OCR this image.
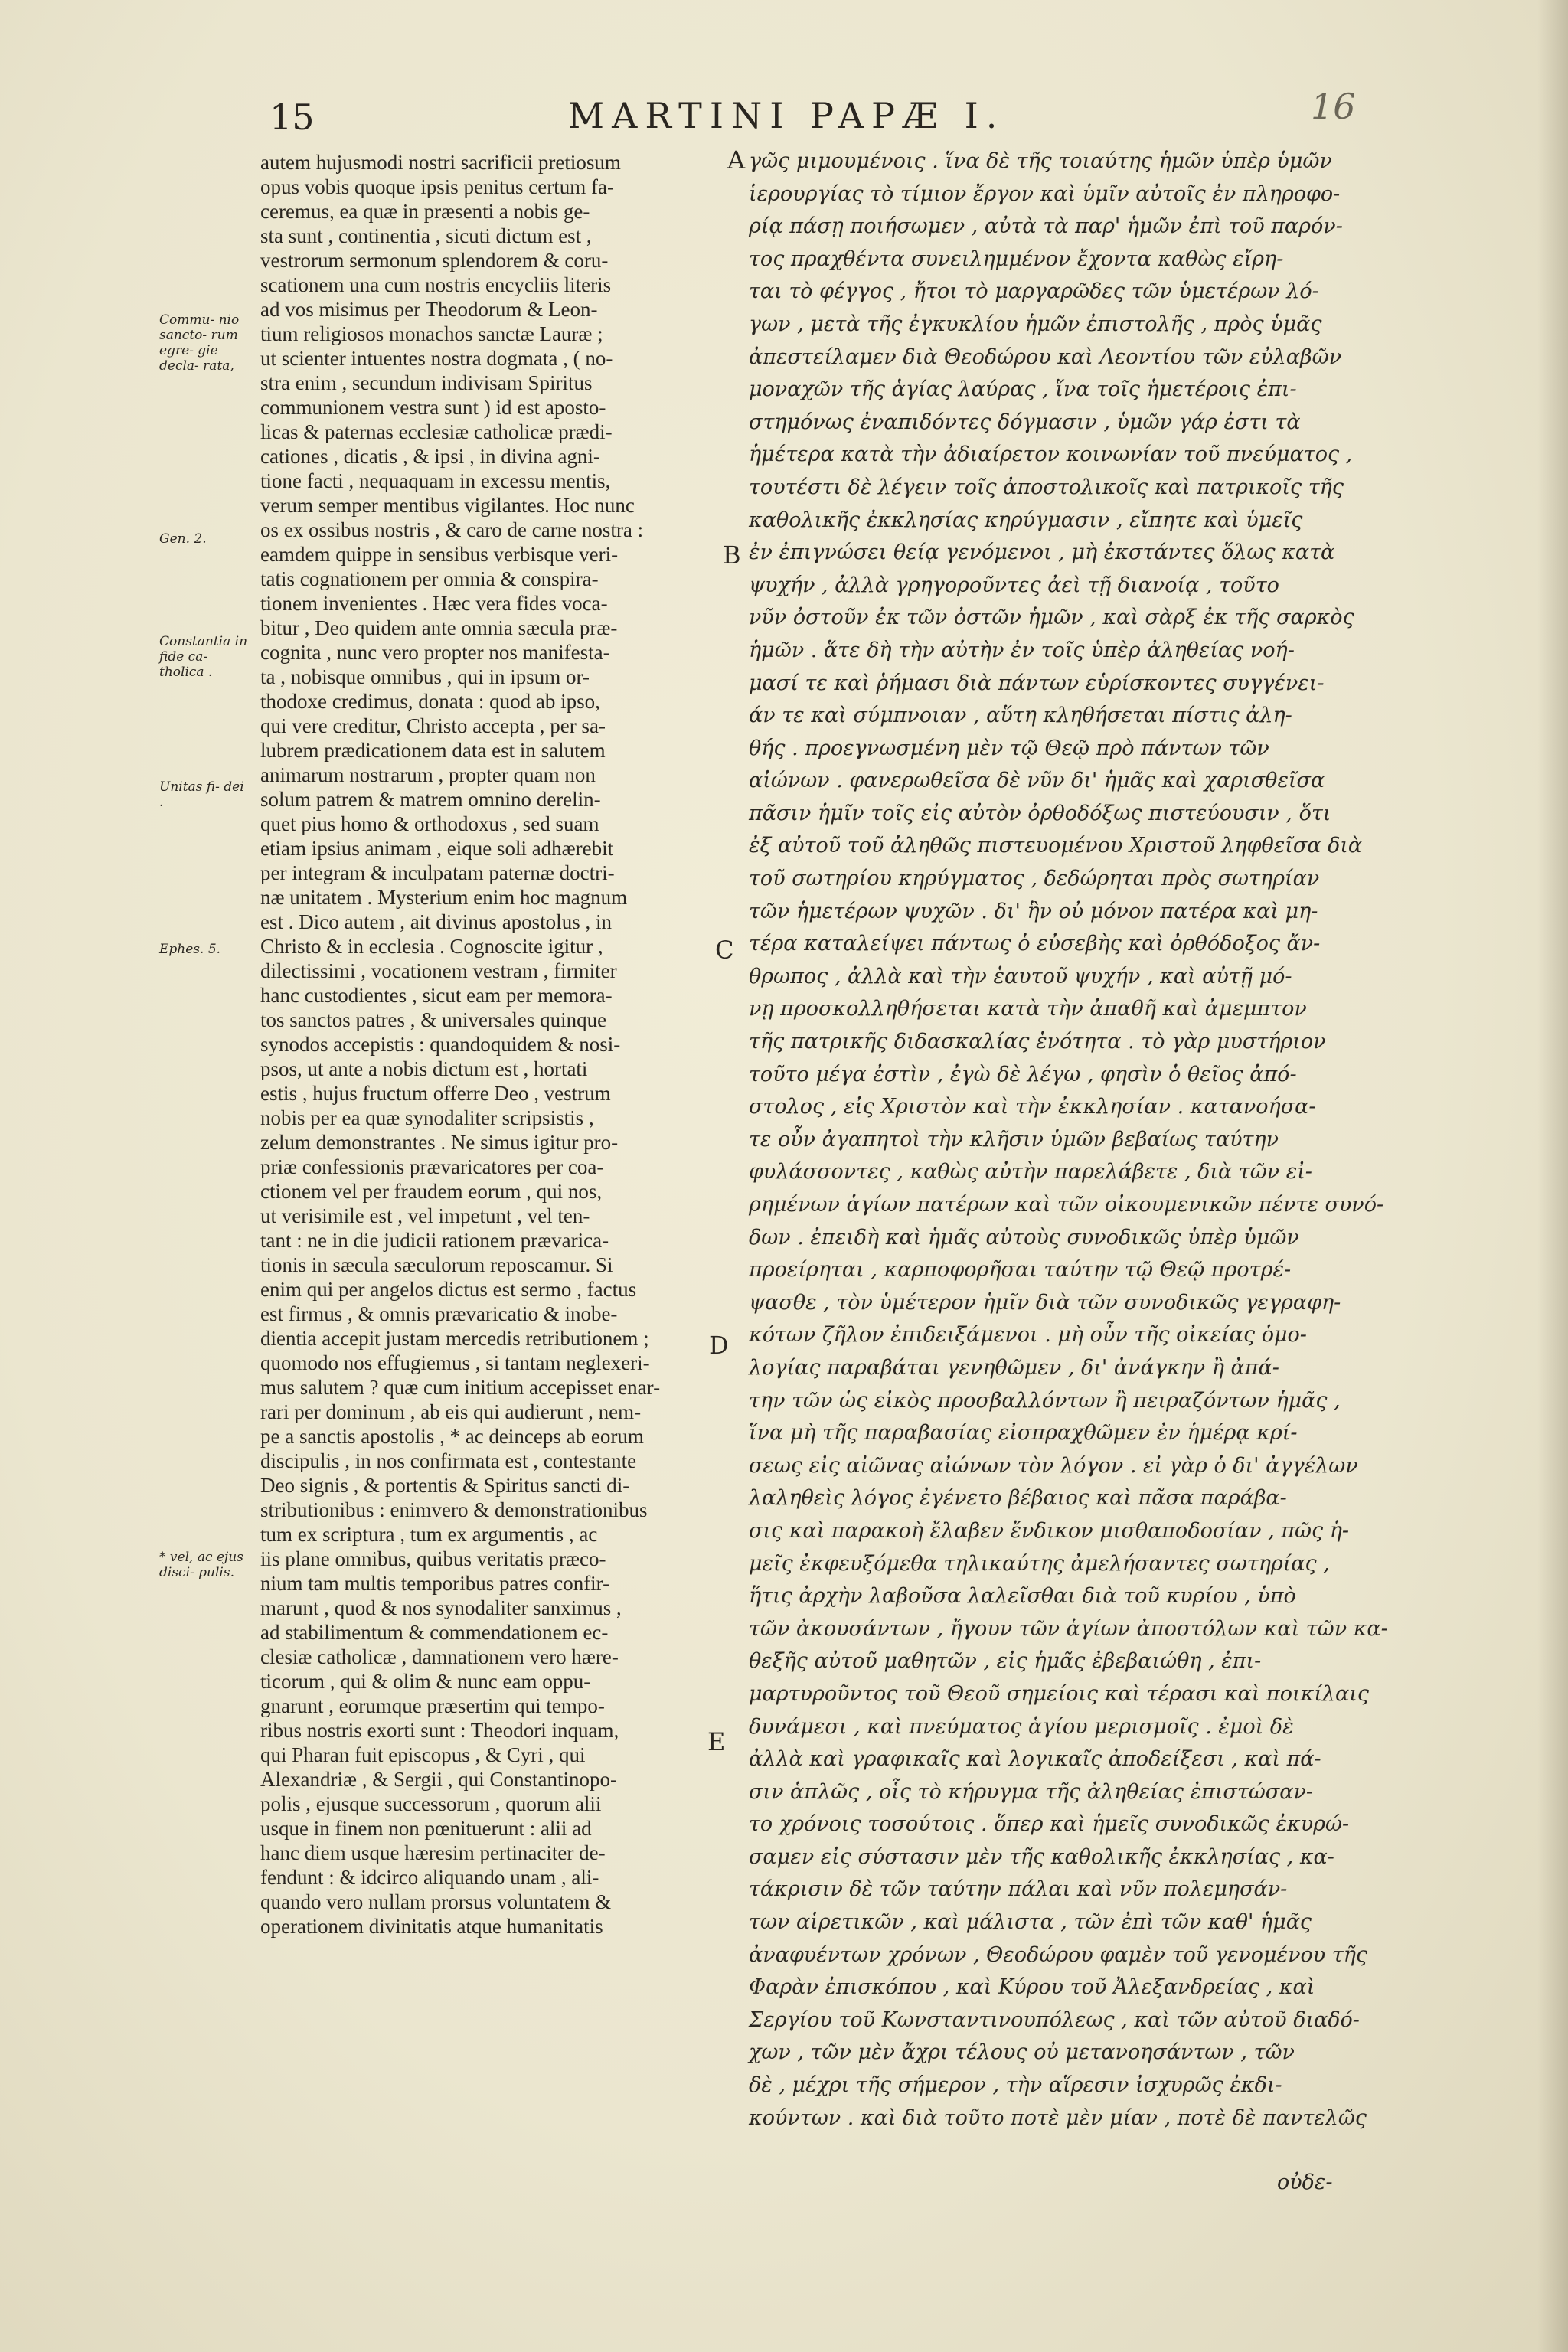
15	MARTINI PAPÆ I.	16
A
B
C
D
E
Commu- nio sancto- rum egre- gie decla- rata,
Gen. 2.
Constantia in fide ca- tholica .
Unitas fi- dei .
Ephes. 5.
* vel, ac ejus disci- pulis.
autem hujusmodi nostri sacrificii pretiosum
opus vobis quoque ipsis penitus certum fa-
ceremus, ea quæ in præsenti a nobis ge-
sta sunt , continentia , sicuti dictum est ,
vestrorum sermonum splendorem & coru-
scationem una cum nostris encycliis literis
ad vos misimus per Theodorum & Leon-
tium religiosos monachos sanctæ Lauræ ;
ut scienter intuentes nostra dogmata , ( no-
stra enim , secundum indivisam Spiritus
communionem vestra sunt ) id est aposto-
licas & paternas ecclesiæ catholicæ prædi-
cationes , dicatis , & ipsi , in divina agni-
tione facti , nequaquam in excessu mentis,
verum semper mentibus vigilantes. Hoc nunc
os ex ossibus nostris , & caro de carne nostra :
eamdem quippe in sensibus verbisque veri-
tatis cognationem per omnia & conspira-
tionem invenientes . Hæc vera fides voca-
bitur , Deo quidem ante omnia sæcula præ-
cognita , nunc vero propter nos manifesta-
ta , nobisque omnibus , qui in ipsum or-
thodoxe credimus, donata : quod ab ipso,
qui vere creditur, Christo accepta , per sa-
lubrem prædicationem data est in salutem
animarum nostrarum , propter quam non
solum patrem & matrem omnino derelin-
quet pius homo & orthodoxus , sed suam
etiam ipsius animam , eique soli adhærebit
per integram & inculpatam paternæ doctri-
næ unitatem . Mysterium enim hoc magnum
est . Dico autem , ait divinus apostolus , in
Christo & in ecclesia . Cognoscite igitur ,
dilectissimi , vocationem vestram , firmiter
hanc custodientes , sicut eam per memora-
tos sanctos patres , & universales quinque
synodos accepistis : quandoquidem & nosi-
psos, ut ante a nobis dictum est , hortati
estis , hujus fructum offerre Deo , vestrum
nobis per ea quæ synodaliter scripsistis ,
zelum demonstrantes . Ne simus igitur pro-
priæ confessionis prævaricatores per coa-
ctionem vel per fraudem eorum , qui nos,
ut verisimile est , vel impetunt , vel ten-
tant : ne in die judicii rationem prævarica-
tionis in sæcula sæculorum reposcamur. Si
enim qui per angelos dictus est sermo , factus
est firmus , & omnis prævaricatio & inobe-
dientia accepit justam mercedis retributionem ;
quomodo nos effugiemus , si tantam neglexeri-
mus salutem ? quæ cum initium accepisset enar-
rari per dominum , ab eis qui audierunt , nem-
pe a sanctis apostolis , * ac deinceps ab eorum
discipulis , in nos confirmata est , contestante
Deo signis , & portentis & Spiritus sancti di-
stributionibus : enimvero & demonstrationibus
tum ex scriptura , tum ex argumentis , ac
iis plane omnibus, quibus veritatis præco-
nium tam multis temporibus patres confir-
marunt , quod & nos synodaliter sanximus ,
ad stabilimentum & commendationem ec-
clesiæ catholicæ , damnationem vero hære-
ticorum , qui & olim & nunc eam oppu-
gnarunt , eorumque præsertim qui tempo-
ribus nostris exorti sunt : Theodori inquam,
qui Pharan fuit episcopus , & Cyri , qui
Alexandriæ , & Sergii , qui Constantinopo-
polis , ejusque successorum , quorum alii
usque in finem non pœnituerunt : alii ad
hanc diem usque hæresim pertinaciter de-
fendunt : & idcirco aliquando unam , ali-
quando vero nullam prorsus voluntatem &
operationem divinitatis atque humanitatis
γῶς μιμουμένοις . ἵνα δὲ τῆς τοιαύτης ἡμῶν ὑπὲρ ὑμῶν
ἱερουργίας τὸ τίμιον ἔργον καὶ ὑμῖν αὐτοῖς ἐν πληροφο-
ρίᾳ πάσῃ ποιήσωμεν , αὐτὰ τὰ παρ' ἡμῶν ἐπὶ τοῦ παρόν-
τος πραχθέντα συνειλημμένον ἔχοντα καθὼς εἴρη-
ται τὸ φέγγος , ἤτοι τὸ μαργαρῶδες τῶν ὑμετέρων λό-
γων , μετὰ τῆς ἐγκυκλίου ἡμῶν ἐπιστολῆς , πρὸς ὑμᾶς
ἀπεστείλαμεν διὰ Θεοδώρου καὶ Λεοντίου τῶν εὐλαβῶν
μοναχῶν τῆς ἁγίας λαύρας , ἵνα τοῖς ἡμετέροις ἐπι-
στημόνως ἐναπιδόντες δόγμασιν , ὑμῶν γάρ ἐστι τὰ
ἡμέτερα κατὰ τὴν ἀδιαίρετον κοινωνίαν τοῦ πνεύματος ,
τουτέστι δὲ λέγειν τοῖς ἀποστολικοῖς καὶ πατρικοῖς τῆς
καθολικῆς ἐκκλησίας κηρύγμασιν , εἴπητε καὶ ὑμεῖς
ἐν ἐπιγνώσει θείᾳ γενόμενοι , μὴ ἐκστάντες ὅλως κατὰ
ψυχήν , ἀλλὰ γρηγοροῦντες ἀεὶ τῇ διανοίᾳ , τοῦτο
νῦν ὀστοῦν ἐκ τῶν ὀστῶν ἡμῶν , καὶ σὰρξ ἐκ τῆς σαρκὸς
ἡμῶν . ἅτε δὴ τὴν αὐτὴν ἐν τοῖς ὑπὲρ ἀληθείας νοή-
μασί τε καὶ ῥήμασι διὰ πάντων εὑρίσκοντες συγγένει-
άν τε καὶ σύμπνοιαν , αὕτη κληθήσεται πίστις ἀλη-
θής . προεγνωσμένη μὲν τῷ Θεῷ πρὸ πάντων τῶν
αἰώνων . φανερωθεῖσα δὲ νῦν δι' ἡμᾶς καὶ χαρισθεῖσα
πᾶσιν ἡμῖν τοῖς εἰς αὐτὸν ὀρθοδόξως πιστεύουσιν , ὅτι
ἐξ αὐτοῦ τοῦ ἀληθῶς πιστευομένου Χριστοῦ ληφθεῖσα διὰ
τοῦ σωτηρίου κηρύγματος , δεδώρηται πρὸς σωτηρίαν
τῶν ἡμετέρων ψυχῶν . δι' ἣν οὐ μόνον πατέρα καὶ μη-
τέρα καταλείψει πάντως ὁ εὐσεβὴς καὶ ὀρθόδοξος ἄν-
θρωπος , ἀλλὰ καὶ τὴν ἑαυτοῦ ψυχήν , καὶ αὐτῇ μό-
νῃ προσκολληθήσεται κατὰ τὴν ἀπαθῆ καὶ ἀμεμπτον
τῆς πατρικῆς διδασκαλίας ἑνότητα . τὸ γὰρ μυστήριον
τοῦτο μέγα ἐστὶν , ἐγὼ δὲ λέγω , φησὶν ὁ θεῖος ἀπό-
στολος , εἰς Χριστὸν καὶ τὴν ἐκκλησίαν . κατανοήσα-
τε οὖν ἀγαπητοὶ τὴν κλῆσιν ὑμῶν βεβαίως ταύτην
φυλάσσοντες , καθὼς αὐτὴν παρελάβετε , διὰ τῶν εἰ-
ρημένων ἁγίων πατέρων καὶ τῶν οἰκουμενικῶν πέντε συνό-
δων . ἐπειδὴ καὶ ἡμᾶς αὐτοὺς συνοδικῶς ὑπὲρ ὑμῶν
προείρηται , καρποφορῆσαι ταύτην τῷ Θεῷ προτρέ-
ψασθε , τὸν ὑμέτερον ἡμῖν διὰ τῶν συνοδικῶς γεγραφη-
κότων ζῆλον ἐπιδειξάμενοι . μὴ οὖν τῆς οἰκείας ὁμο-
λογίας παραβάται γενηθῶμεν , δι' ἀνάγκην ἢ ἀπά-
την τῶν ὡς εἰκὸς προσβαλλόντων ἢ πειραζόντων ἡμᾶς ,
ἵνα μὴ τῆς παραβασίας εἰσπραχθῶμεν ἐν ἡμέρᾳ κρί-
σεως εἰς αἰῶνας αἰώνων τὸν λόγον . εἰ γὰρ ὁ δι' ἀγγέλων
λαληθεὶς λόγος ἐγένετο βέβαιος καὶ πᾶσα παράβα-
σις καὶ παρακοὴ ἔλαβεν ἔνδικον μισθαποδοσίαν , πῶς ἡ-
μεῖς ἐκφευξόμεθα τηλικαύτης ἀμελήσαντες σωτηρίας ,
ἥτις ἀρχὴν λαβοῦσα λαλεῖσθαι διὰ τοῦ κυρίου , ὑπὸ
τῶν ἀκουσάντων , ἤγουν τῶν ἁγίων ἀποστόλων καὶ τῶν κα-
θεξῆς αὐτοῦ μαθητῶν , εἰς ἡμᾶς ἐβεβαιώθη , ἐπι-
μαρτυροῦντος τοῦ Θεοῦ σημείοις καὶ τέρασι καὶ ποικίλαις
δυνάμεσι , καὶ πνεύματος ἁγίου μερισμοῖς . ἐμοὶ δὲ
ἀλλὰ καὶ γραφικαῖς καὶ λογικαῖς ἀποδείξεσι , καὶ πά-
σιν ἁπλῶς , οἷς τὸ κήρυγμα τῆς ἀληθείας ἐπιστώσαν-
το χρόνοις τοσούτοις . ὅπερ καὶ ἡμεῖς συνοδικῶς ἐκυρώ-
σαμεν εἰς σύστασιν μὲν τῆς καθολικῆς ἐκκλησίας , κα-
τάκρισιν δὲ τῶν ταύτην πάλαι καὶ νῦν πολεμησάν-
των αἱρετικῶν , καὶ μάλιστα , τῶν ἐπὶ τῶν καθ' ἡμᾶς
ἀναφυέντων χρόνων , Θεοδώρου φαμὲν τοῦ γενομένου τῆς
Φαρὰν ἐπισκόπου , καὶ Κύρου τοῦ Ἀλεξανδρείας , καὶ
Σεργίου τοῦ Κωνσταντινουπόλεως , καὶ τῶν αὐτοῦ διαδό-
χων , τῶν μὲν ἄχρι τέλους οὐ μετανοησάντων , τῶν
δὲ , μέχρι τῆς σήμερον , τὴν αἵρεσιν ἰσχυρῶς ἐκδι-
κούντων . καὶ διὰ τοῦτο ποτὲ μὲν μίαν , ποτὲ δὲ παντελῶς
οὐδε-
